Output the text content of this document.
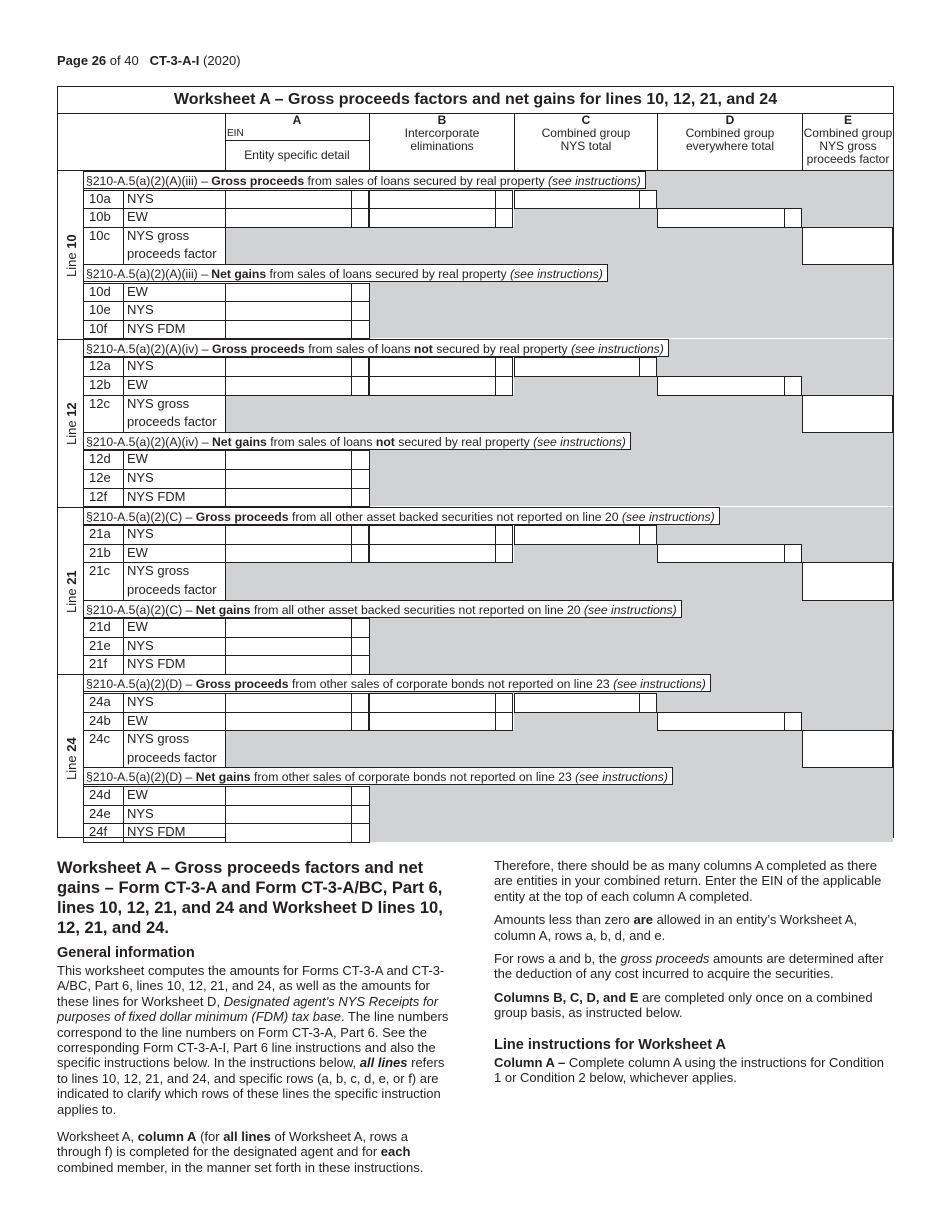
Page 26 of 40 CT-3-A-I (2020)
Worksheet A – Gross proceeds factors and net gains for lines 10, 12, 21, and 24
A
EIN
Entity specific detail
B
Intercorporate
eliminations
C
Combined group
NYS total
D
Combined group
everywhere total
E
Combined group
NYS gross
proceeds factor
§210-A.5(a)(2)(A)(iii) – Gross proceeds from sales of loans secured by real property (see instructions)
§210-A.5(a)(2)(A)(iii) – Net gains from sales of loans secured by real property (see instructions)
10a NYS
10b EW
10c NYS gross
proceeds factor
10d EW
10e NYS
10f NYS FDM
Line 10
§210-A.5(a)(2)(A)(iv) – Gross proceeds from sales of loans not secured by real property (see instructions)
§210-A.5(a)(2)(A)(iv) – Net gains from sales of loans not secured by real property (see instructions)
12a NYS
12b EW
12c NYS gross
proceeds factor
12d EW
12e NYS
12f NYS FDM
Line 12
§210-A.5(a)(2)(C) – Gross proceeds from all other asset backed securities not reported on line 20 (see instructions)
§210-A.5(a)(2)(C) – Net gains from all other asset backed securities not reported on line 20 (see instructions)
21a NYS
21b EW
21c NYS gross
proceeds factor
21d EW
21e NYS
21f NYS FDM
Line 21
§210-A.5(a)(2)(D) – Gross proceeds from other sales of corporate bonds not reported on line 23 (see instructions)
§210-A.5(a)(2)(D) – Net gains from other sales of corporate bonds not reported on line 23 (see instructions)
24a NYS
24b EW
24c NYS gross
proceeds factor
24d EW
24e NYS
24f NYS FDM
Line 24
Worksheet A – Gross proceeds factors and net gains – Form CT-3-A and Form CT-3-A/BC, Part 6, lines 10, 12, 21, and 24 and Worksheet D lines 10, 12, 21, and 24.
General information

This worksheet computes the amounts for Forms CT-3-A and CT-3-A/BC, Part 6, lines 10, 12, 21, and 24, as well as the amounts for these lines for Worksheet D, Designated agent’s NYS Receipts for purposes of fixed dollar minimum (FDM) tax base. The line numbers correspond to the line numbers on Form CT-3-A, Part 6. See the corresponding Form CT-3-A-I, Part 6 line instructions and also the specific instructions below. In the instructions below, all lines refers to lines 10, 12, 21, and 24, and specific rows (a, b, c, d, e, or f) are indicated to clarify which rows of these lines the specific instruction applies to.

Worksheet A, column A (for all lines of Worksheet A, rows a through f) is completed for the designated agent and for each combined member, in the manner set forth in these instructions.

Therefore, there should be as many columns A completed as there are entities in your combined return. Enter the EIN of the applicable entity at the top of each column A completed.

Amounts less than zero are allowed in an entity’s Worksheet A, column A, rows a, b, d, and e.

For rows a and b, the gross proceeds amounts are determined after the deduction of any cost incurred to acquire the securities.

Columns B, C, D, and E are completed only once on a combined group basis, as instructed below.

Line instructions for Worksheet A

Column A – Complete column A using the instructions for Condition 1 or Condition 2 below, whichever applies.
